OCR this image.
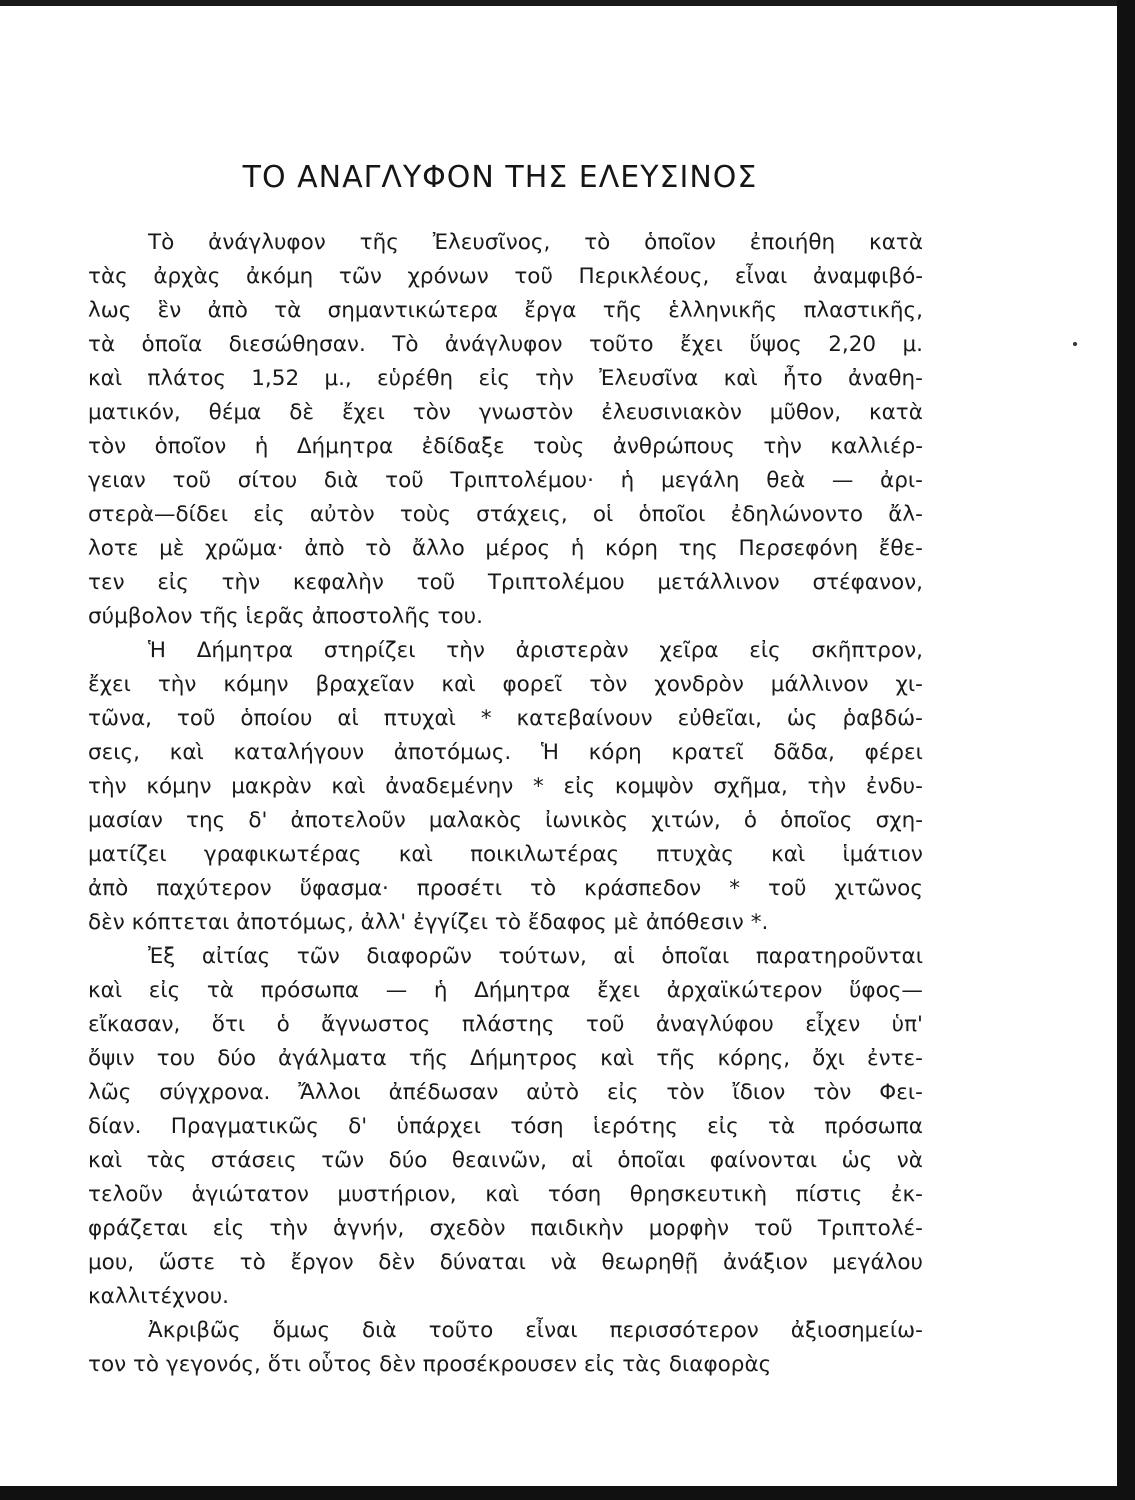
ΤΟ ΑΝΑΓΛΥΦΟΝ ΤΗΣ ΕΛΕΥΣΙΝΟΣ
Τὸ ἀνάγλυφον τῆς Ἐλευσῖνος, τὸ ὁποῖον ἐποιήθη κατὰ
τὰς ἀρχὰς ἀκόμη τῶν χρόνων τοῦ Περικλέους, εἶναι ἀναμφιβό-
λως ἓν ἀπὸ τὰ σημαντικώτερα ἔργα τῆς ἑλληνικῆς πλαστικῆς,
τὰ ὁποῖα διεσώθησαν. Τὸ ἀνάγλυφον τοῦτο ἔχει ὕψος 2,20 μ.
καὶ πλάτος 1,52 μ., εὑρέθη εἰς τὴν Ἐλευσῖνα καὶ ἦτο ἀναθη-
ματικόν, θέμα δὲ ἔχει τὸν γνωστὸν ἐλευσινιακὸν μῦθον, κατὰ
τὸν ὁποῖον ἡ Δήμητρα ἐδίδαξε τοὺς ἀνθρώπους τὴν καλλιέρ-
γειαν τοῦ σίτου διὰ τοῦ Τριπτολέμου· ἡ μεγάλη θεὰ — ἀρι-
στερὰ—δίδει εἰς αὐτὸν τοὺς στάχεις, οἱ ὁποῖοι ἐδηλώνοντο ἄλ-
λοτε μὲ χρῶμα· ἀπὸ τὸ ἄλλο μέρος ἡ κόρη της Περσεφόνη ἔθε-
τεν εἰς τὴν κεφαλὴν τοῦ Τριπτολέμου μετάλλινον στέφανον,
σύμβολον τῆς ἱερᾶς ἀποστολῆς του.
Ἡ Δήμητρα στηρίζει τὴν ἀριστερὰν χεῖρα εἰς σκῆπτρον,
ἔχει τὴν κόμην βραχεῖαν καὶ φορεῖ τὸν χονδρὸν μάλλινον χι-
τῶνα, τοῦ ὁποίου αἱ πτυχαὶ * κατεβαίνουν εὐθεῖαι, ὡς ῥαβδώ-
σεις, καὶ καταλήγουν ἀποτόμως. Ἡ κόρη κρατεῖ δᾶδα, φέρει
τὴν κόμην μακρὰν καὶ ἀναδεμένην * εἰς κομψὸν σχῆμα, τὴν ἐνδυ-
μασίαν της δ' ἀποτελοῦν μαλακὸς ἰωνικὸς χιτών, ὁ ὁποῖος σχη-
ματίζει γραφικωτέρας καὶ ποικιλωτέρας πτυχὰς καὶ ἱμάτιον
ἀπὸ παχύτερον ὕφασμα· προσέτι τὸ κράσπεδον * τοῦ χιτῶνος
δὲν κόπτεται ἀποτόμως, ἀλλ' ἐγγίζει τὸ ἔδαφος μὲ ἀπόθεσιν *.
Ἐξ αἰτίας τῶν διαφορῶν τούτων, αἱ ὁποῖαι παρατηροῦνται
καὶ εἰς τὰ πρόσωπα — ἡ Δήμητρα ἔχει ἀρχαϊκώτερον ὕφος—
εἴκασαν, ὅτι ὁ ἄγνωστος πλάστης τοῦ ἀναγλύφου εἶχεν ὑπ'
ὄψιν του δύο ἀγάλματα τῆς Δήμητρος καὶ τῆς κόρης, ὄχι ἐντε-
λῶς σύγχρονα. Ἄλλοι ἀπέδωσαν αὐτὸ εἰς τὸν ἴδιον τὸν Φει-
δίαν. Πραγματικῶς δ' ὑπάρχει τόση ἱερότης εἰς τὰ πρόσωπα
καὶ τὰς στάσεις τῶν δύο θεαινῶν, αἱ ὁποῖαι φαίνονται ὡς νὰ
τελοῦν ἁγιώτατον μυστήριον, καὶ τόση θρησκευτικὴ πίστις ἐκ-
φράζεται εἰς τὴν ἁγνήν, σχεδὸν παιδικὴν μορφὴν τοῦ Τριπτολέ-
μου, ὥστε τὸ ἔργον δὲν δύναται νὰ θεωρηθῇ ἀνάξιον μεγάλου
καλλιτέχνου.
Ἀκριβῶς ὅμως διὰ τοῦτο εἶναι περισσότερον ἀξιοσημείω-
τον τὸ γεγονός, ὅτι οὗτος δὲν προσέκρουσεν εἰς τὰς διαφορὰς
